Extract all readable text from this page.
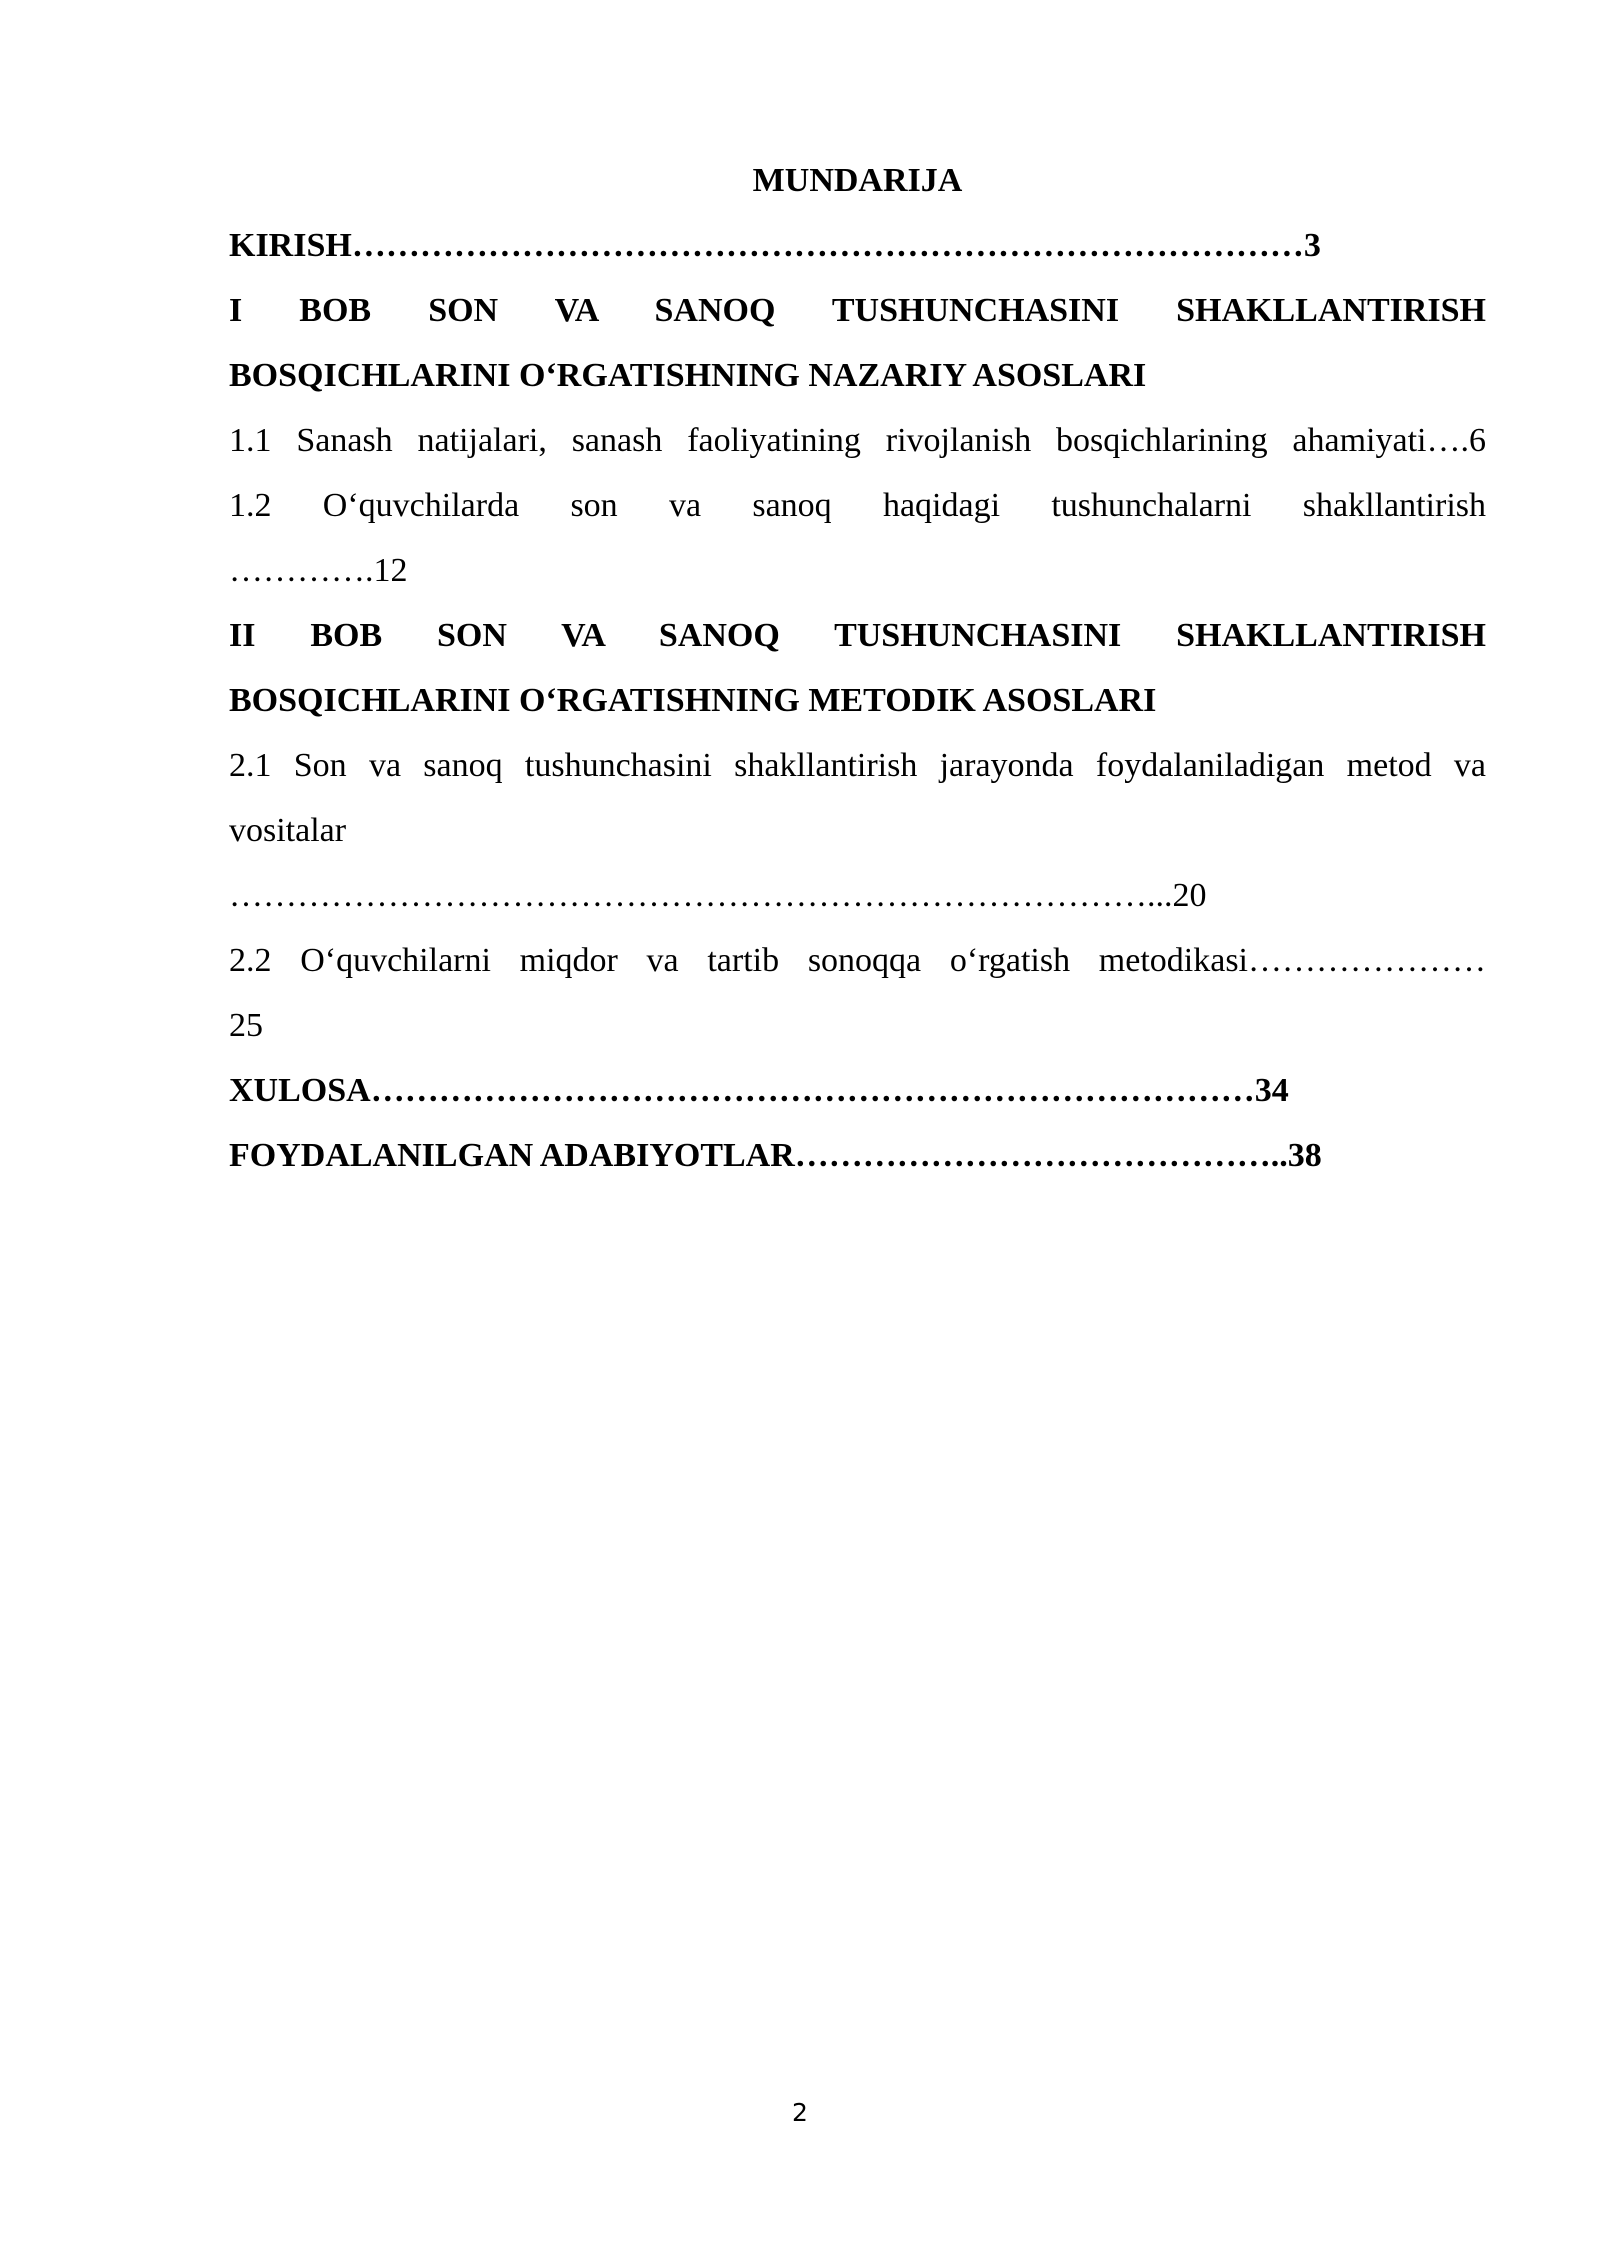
MUNDARIJA

KIRISH…………………………………………………………………………3

I BOB SON VA SANOQ TUSHUNCHASINI SHAKLLANTIRISH

BOSQICHLARINI O‘RGATISHNING NAZARIY ASOSLARI

1.1 Sanash natijalari, sanash faoliyatining rivojlanish bosqichlarining ahamiyati….6

1.2 O‘quvchilarda son va sanoq haqidagi tushunchalarni shakllantirish

………….12

II BOB SON VA SANOQ TUSHUNCHASINI SHAKLLANTIRISH

BOSQICHLARINI O‘RGATISHNING METODIK ASOSLARI

2.1 Son va sanoq tushunchasini shakllantirish jarayonda foydalaniladigan metod va

vositalar

………………………………………………………………………...20

2.2 O‘quvchilarni miqdor va tartib sonoqqa o‘rgatish metodikasi…………………

25

XULOSA……………………………………………………………………34

FOYDALANILGAN ADABIYOTLAR……………………………………..38

2
